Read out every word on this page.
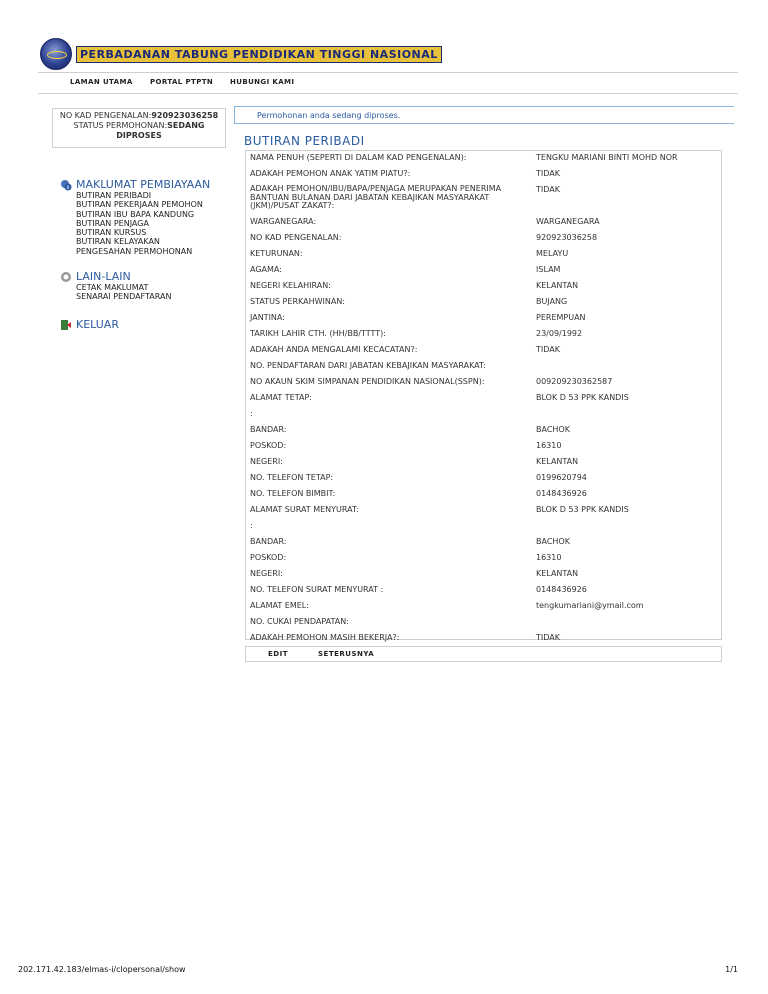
PERBADANAN TABUNG PENDIDIKAN TINGGI NASIONAL
LAMAN UTAMA PORTAL PTPTN HUBUNGI KAMI
NO KAD PENGENALAN:920923036258
STATUS PERMOHONAN:SEDANG
DIPROSES
Permohonan anda sedang diproses.
BUTIRAN PERIBADI
MAKLUMAT PEMBIAYAAN
BUTIRAN PERIBADI
BUTIRAN PEKERJAAN PEMOHON
BUTIRAN IBU BAPA KANDUNG
BUTIRAN PENJAGA
BUTIRAN KURSUS
BUTIRAN KELAYAKAN
PENGESAHAN PERMOHONAN
LAIN-LAIN
CETAK MAKLUMAT
SENARAI PENDAFTARAN
KELUAR
NAMA PENUH (SEPERTI DI DALAM KAD PENGENALAN):	TENGKU MARIANI BINTI MOHD NOR
ADAKAH PEMOHON ANAK YATIM PIATU?:	TIDAK
ADAKAH PEMOHON/IBU/BAPA/PENJAGA MERUPAKAN PENERIMA
BANTUAN BULANAN DARI JABATAN KEBAJIKAN MASYARAKAT
(JKM)/PUSAT ZAKAT?:
TIDAK
WARGANEGARA:	WARGANEGARA
NO KAD PENGENALAN:	920923036258
KETURUNAN:	MELAYU
AGAMA:	ISLAM
NEGERI KELAHIRAN:	KELANTAN
STATUS PERKAHWINAN:	BUJANG
JANTINA:	PEREMPUAN
TARIKH LAHIR CTH. (HH/BB/TTTT):	23/09/1992
ADAKAH ANDA MENGALAMI KECACATAN?:	TIDAK
NO. PENDAFTARAN DARI JABATAN KEBAJIKAN MASYARAKAT:
NO AKAUN SKIM SIMPANAN PENDIDIKAN NASIONAL(SSPN):	009209230362587
ALAMAT TETAP:	BLOK D 53 PPK KANDIS
:
BANDAR:	BACHOK
POSKOD:	16310
NEGERI:	KELANTAN
NO. TELEFON TETAP:	0199620794
NO. TELEFON BIMBIT:	0148436926
ALAMAT SURAT MENYURAT:	BLOK D 53 PPK KANDIS
:
BANDAR:	BACHOK
POSKOD:	16310
NEGERI:	KELANTAN
NO. TELEFON SURAT MENYURAT :	0148436926
ALAMAT EMEL:	tengkumariani@ymail.com
NO. CUKAI PENDAPATAN:
ADAKAH PEMOHON MASIH BEKERJA?:	TIDAK
EDIT	SETERUSNYA
202.171.42.183/elmas-i/clopersonal/show	1/1
